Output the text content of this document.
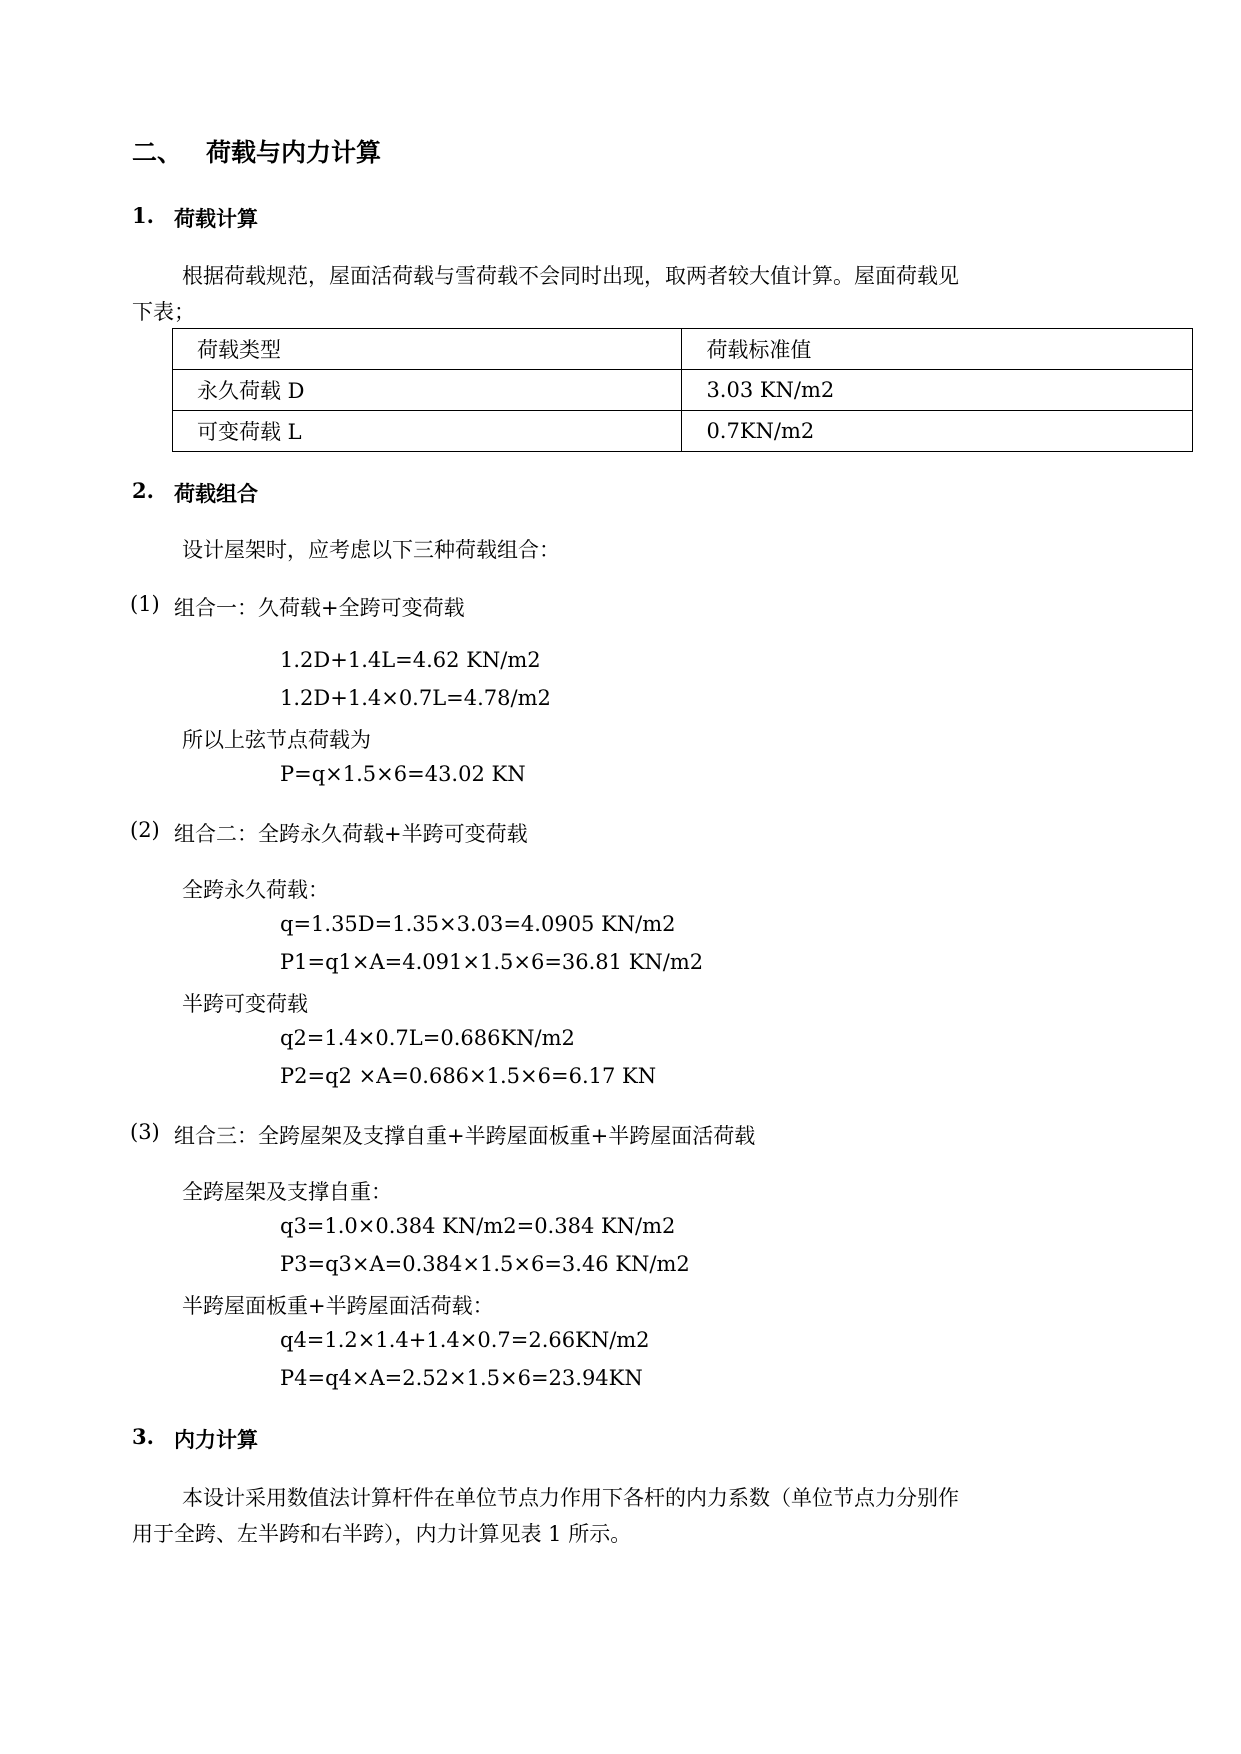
二、 荷载与内力计算
1. 荷载计算
根据荷载规范，屋面活荷载与雪荷载不会同时出现，取两者较大值计算。屋面荷载见
下表；
荷载类型	荷载标准值
永久荷载 D	3.03 KN/m2
可变荷载 L	0.7KN/m2
2. 荷载组合
设计屋架时，应考虑以下三种荷载组合：
(1) 组合一：久荷载+全跨可变荷载
1.2D+1.4L=4.62 KN/m2
1.2D+1.4×0.7L=4.78/m2
所以上弦节点荷载为
P=q×1.5×6=43.02 KN
(2) 组合二：全跨永久荷载+半跨可变荷载
全跨永久荷载：
q=1.35D=1.35×3.03=4.0905 KN/m2
P1=q1×A=4.091×1.5×6=36.81 KN/m2
半跨可变荷载
q2=1.4×0.7L=0.686KN/m2
P2=q2 ×A=0.686×1.5×6=6.17 KN
(3) 组合三：全跨屋架及支撑自重+半跨屋面板重+半跨屋面活荷载
全跨屋架及支撑自重：
q3=1.0×0.384 KN/m2=0.384 KN/m2
P3=q3×A=0.384×1.5×6=3.46 KN/m2
半跨屋面板重+半跨屋面活荷载：
q4=1.2×1.4+1.4×0.7=2.66KN/m2
P4=q4×A=2.52×1.5×6=23.94KN
3. 内力计算
本设计采用数值法计算杆件在单位节点力作用下各杆的内力系数（单位节点力分别作
用于全跨、左半跨和右半跨），内力计算见表 1 所示。
